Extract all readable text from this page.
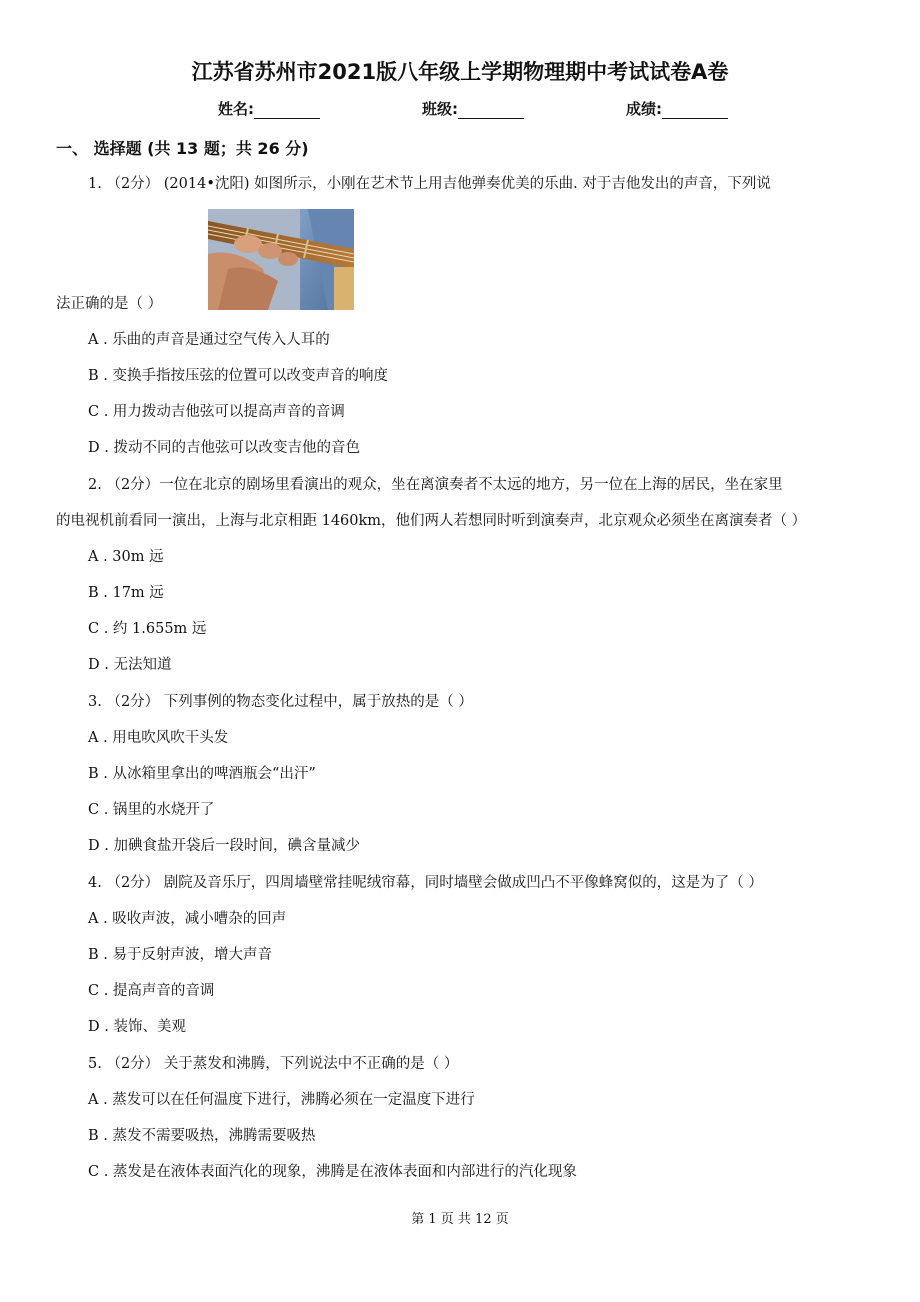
江苏省苏州市2021版八年级上学期物理期中考试试卷A卷
姓名:	班级:	成绩:
一、 选择题 (共 13 题；共 26 分)
1. （2分） (2014•沈阳) 如图所示，小刚在艺术节上用吉他弹奏优美的乐曲. 对于吉他发出的声音，下列说
法正确的是（ ）
A . 乐曲的声音是通过空气传入人耳的
B . 变换手指按压弦的位置可以改变声音的响度
C . 用力拨动吉他弦可以提高声音的音调
D . 拨动不同的吉他弦可以改变吉他的音色
2. （2分）一位在北京的剧场里看演出的观众，坐在离演奏者不太远的地方，另一位在上海的居民，坐在家里
的电视机前看同一演出，上海与北京相距 1460km，他们两人若想同时听到演奏声，北京观众必须坐在离演奏者（ ）
A . 30m 远
B . 17m 远
C . 约 1.655m 远
D . 无法知道
3. （2分） 下列事例的物态变化过程中，属于放热的是（ ）
A . 用电吹风吹干头发
B . 从冰箱里拿出的啤酒瓶会“出汗”
C . 锅里的水烧开了
D . 加碘食盐开袋后一段时间，碘含量减少
4. （2分） 剧院及音乐厅，四周墙壁常挂呢绒帘幕，同时墙壁会做成凹凸不平像蜂窝似的，这是为了（ ）
A . 吸收声波，减小嘈杂的回声
B . 易于反射声波，增大声音
C . 提高声音的音调
D . 装饰、美观
5. （2分） 关于蒸发和沸腾，下列说法中不正确的是（ ）
A . 蒸发可以在任何温度下进行，沸腾必须在一定温度下进行
B . 蒸发不需要吸热，沸腾需要吸热
C . 蒸发是在液体表面汽化的现象，沸腾是在液体表面和内部进行的汽化现象
第 1 页 共 12 页
